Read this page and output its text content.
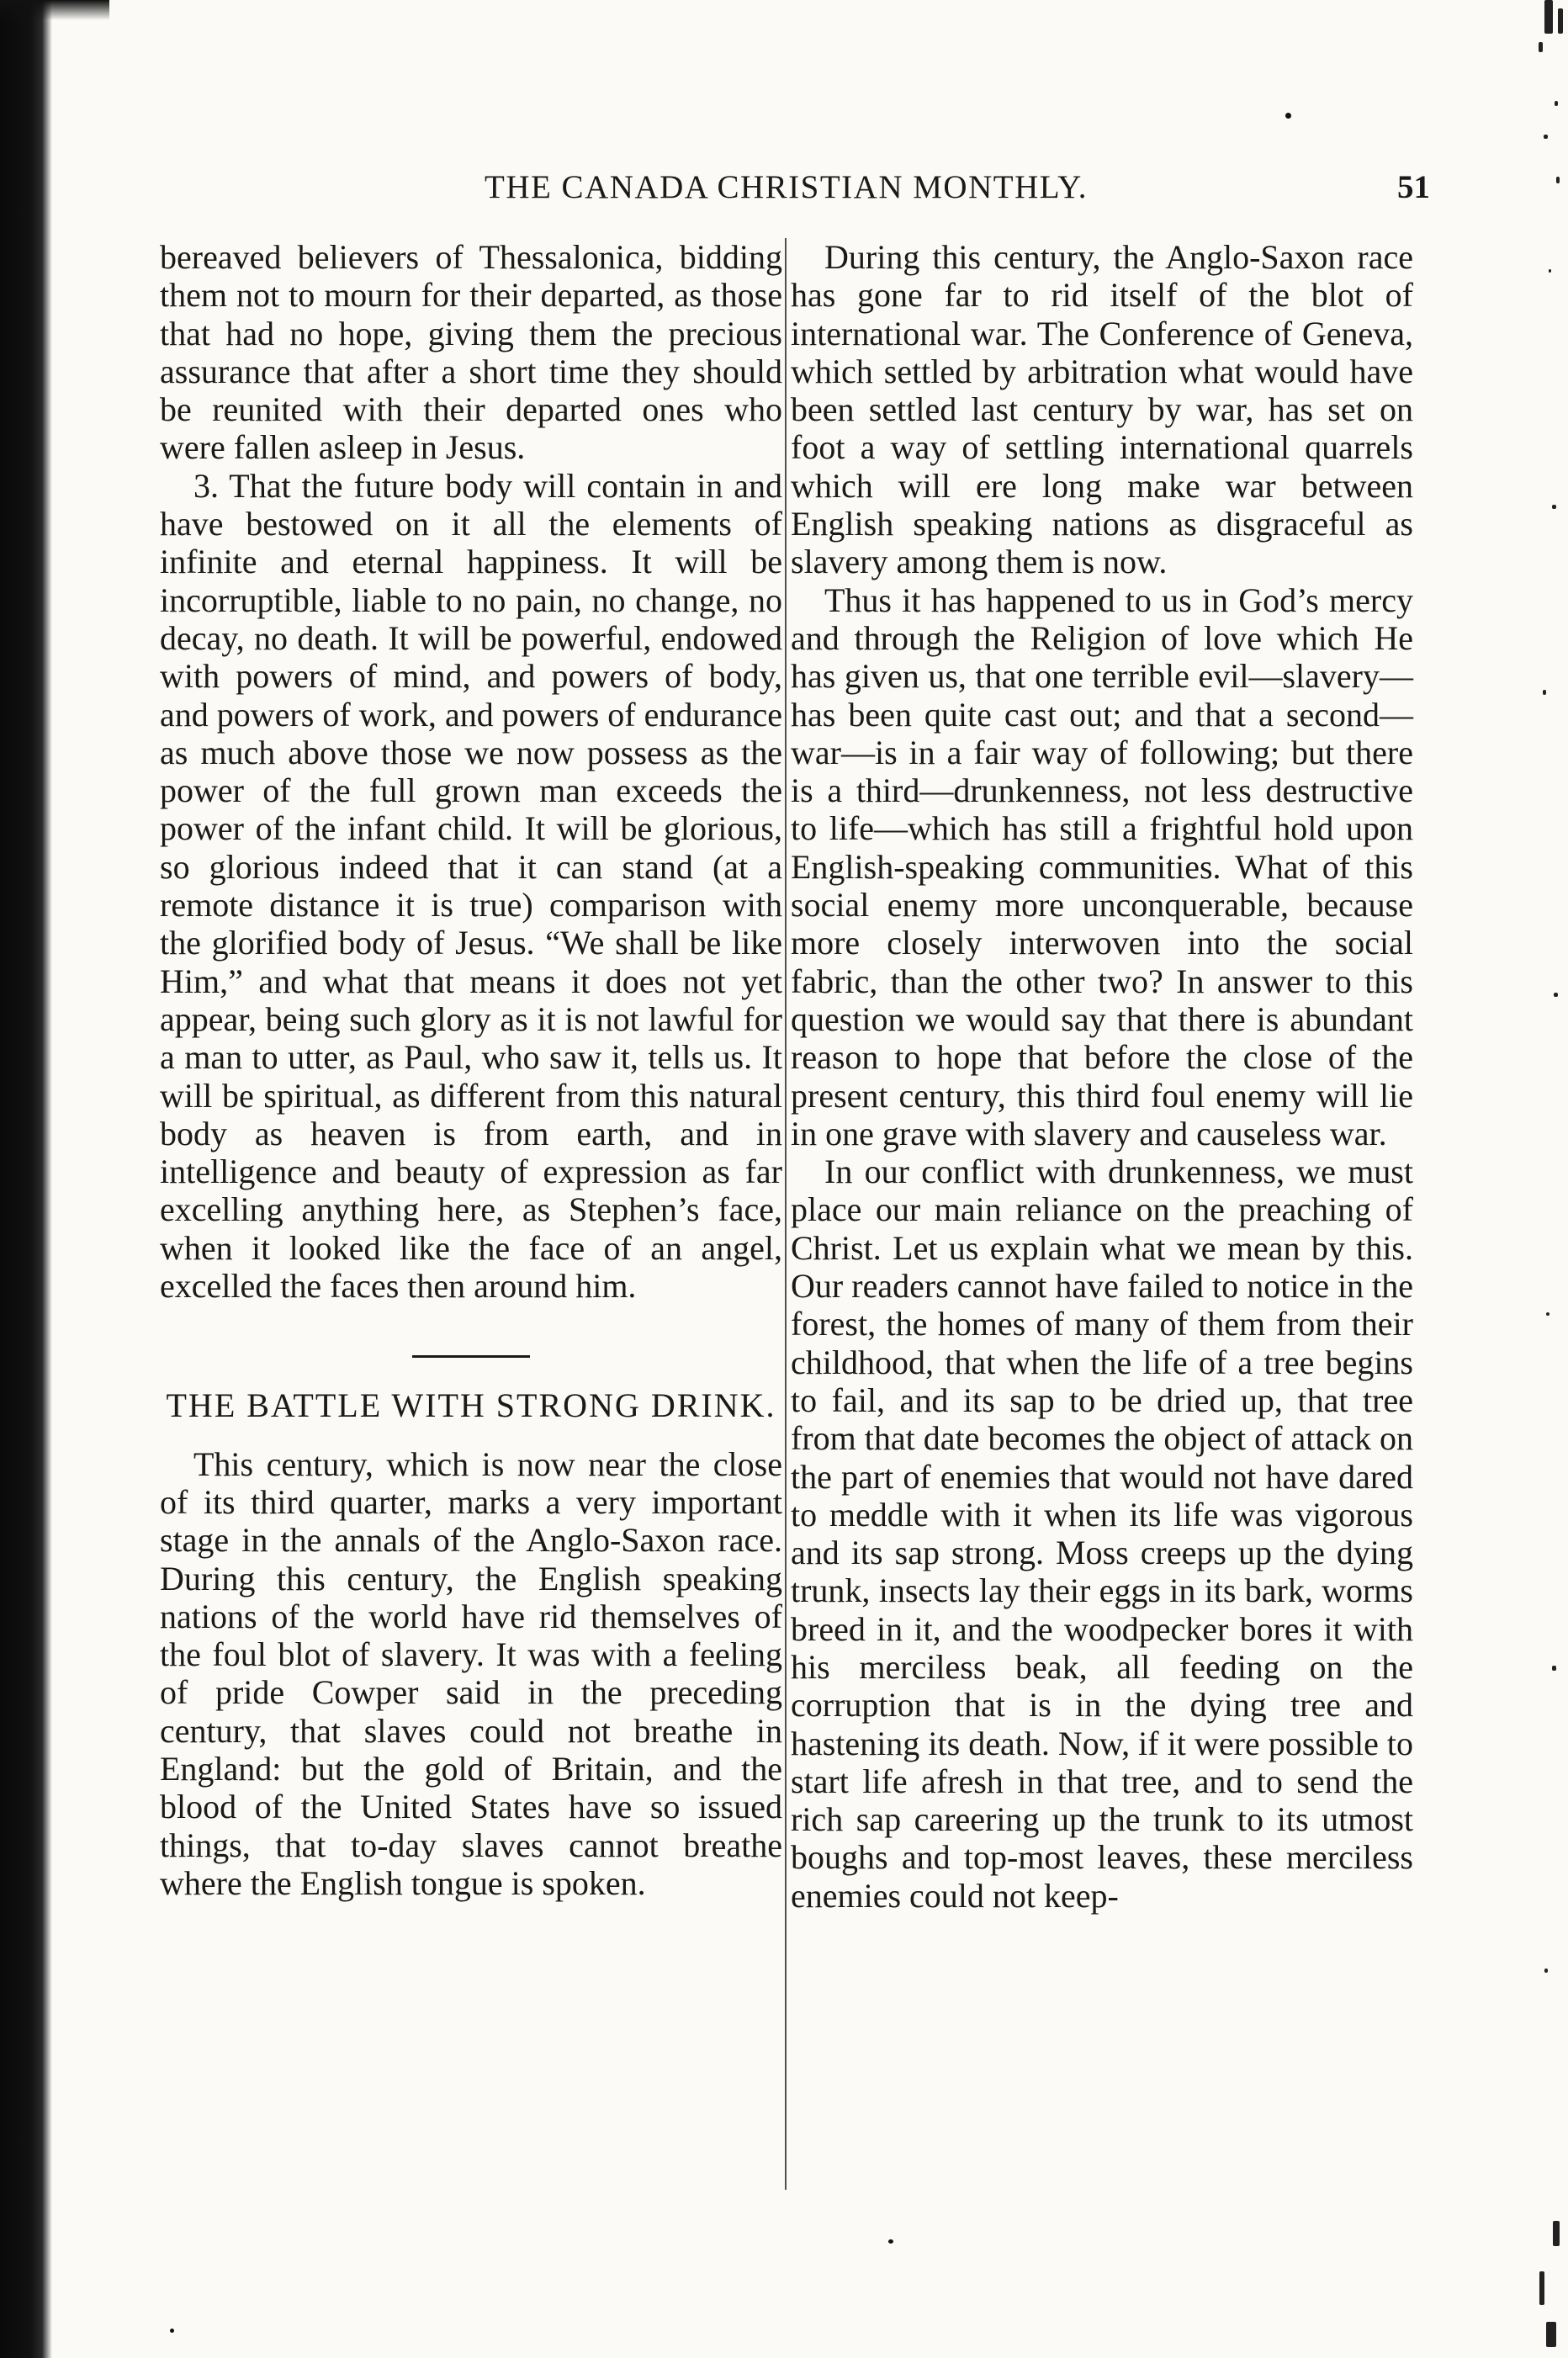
THE CANADA CHRISTIAN MONTHLY.	51

bereaved believers of Thessalonica, bidding them not to mourn for their departed, as those that had no hope, giving them the precious assurance that after a short time they should be reunited with their departed ones who were fallen asleep in Jesus.

3. That the future body will contain in and have bestowed on it all the elements of infinite and eternal happiness. It will be incorruptible, liable to no pain, no change, no decay, no death. It will be powerful, endowed with powers of mind, and powers of body, and powers of work, and powers of endurance as much above those we now possess as the power of the full grown man exceeds the power of the infant child. It will be glorious, so glorious indeed that it can stand (at a remote distance it is true) comparison with the glorified body of Jesus. “We shall be like Him,” and what that means it does not yet appear, being such glory as it is not lawful for a man to utter, as Paul, who saw it, tells us. It will be spiritual, as different from this natural body as heaven is from earth, and in intelligence and beauty of expression as far excelling anything here, as Stephen’s face, when it looked like the face of an angel, excelled the faces then around him.

THE BATTLE WITH STRONG DRINK.

This century, which is now near the close of its third quarter, marks a very important stage in the annals of the Anglo-Saxon race. During this century, the English speaking nations of the world have rid themselves of the foul blot of slavery. It was with a feeling of pride Cowper said in the preceding century, that slaves could not breathe in England: but the gold of Britain, and the blood of the United States have so issued things, that to-day slaves cannot breathe where the English tongue is spoken.

During this century, the Anglo-Saxon race has gone far to rid itself of the blot of international war. The Conference of Geneva, which settled by arbitration what would have been settled last century by war, has set on foot a way of settling international quarrels which will ere long make war between English speaking nations as disgraceful as slavery among them is now.

Thus it has happened to us in God’s mercy and through the Religion of love which He has given us, that one terrible evil—slavery—has been quite cast out; and that a second—war—is in a fair way of following; but there is a third—drunkenness, not less destructive to life—which has still a frightful hold upon English-speaking communities. What of this social enemy more unconquerable, because more closely interwoven into the social fabric, than the other two? In answer to this question we would say that there is abundant reason to hope that before the close of the present century, this third foul enemy will lie in one grave with slavery and causeless war.

In our conflict with drunkenness, we must place our main reliance on the preaching of Christ. Let us explain what we mean by this. Our readers cannot have failed to notice in the forest, the homes of many of them from their childhood, that when the life of a tree begins to fail, and its sap to be dried up, that tree from that date becomes the object of attack on the part of enemies that would not have dared to meddle with it when its life was vigorous and its sap strong. Moss creeps up the dying trunk, insects lay their eggs in its bark, worms breed in it, and the woodpecker bores it with his merciless beak, all feeding on the corruption that is in the dying tree and hastening its death. Now, if it were possible to start life afresh in that tree, and to send the rich sap careering up the trunk to its utmost boughs and top-most leaves, these merciless enemies could not keep-
